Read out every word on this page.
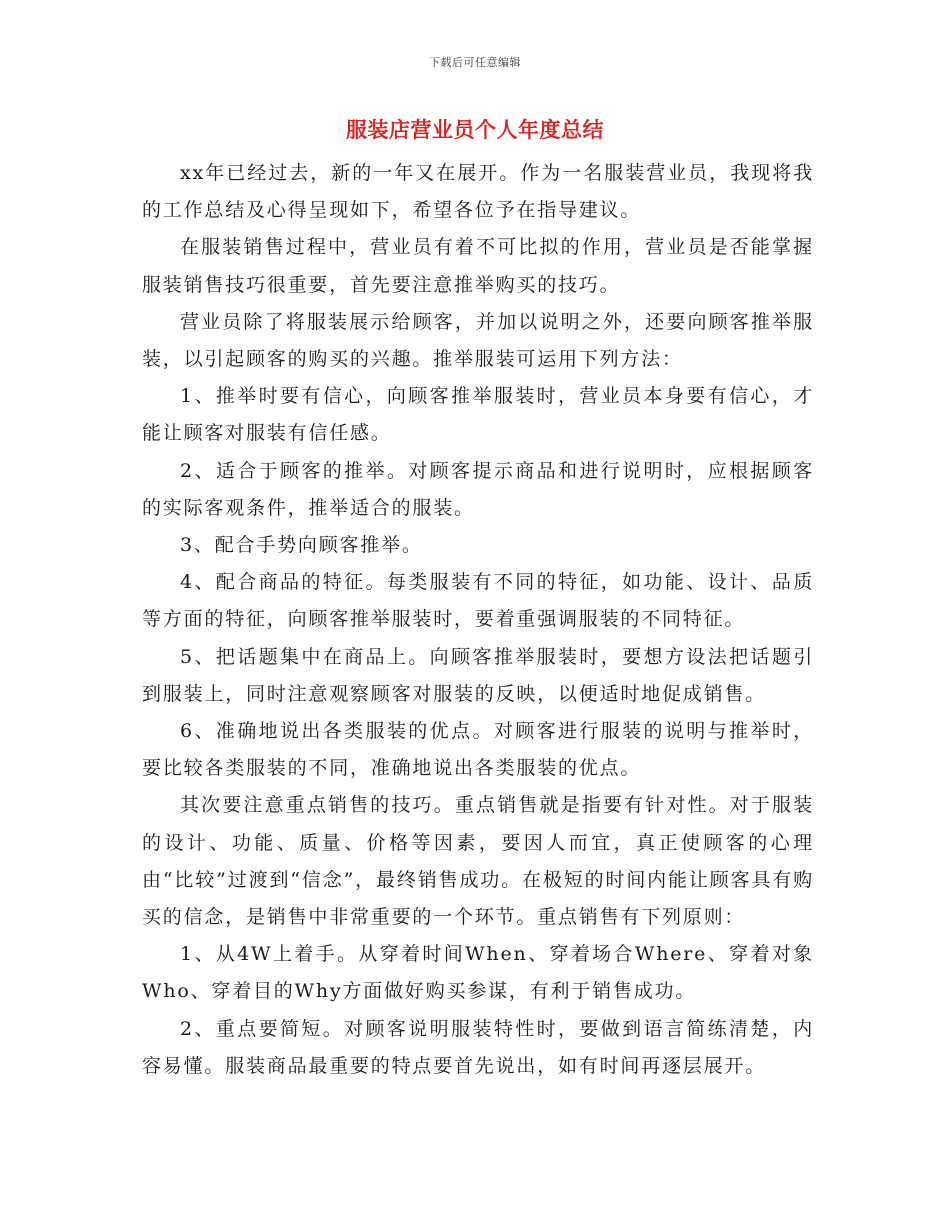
下载后可任意编辑
服装店营业员个人年度总结

xx年已经过去，新的一年又在展开。作为一名服装营业员，我现将我的工作总结及心得呈现如下，希望各位予在指导建议。

在服装销售过程中，营业员有着不可比拟的作用，营业员是否能掌握服装销售技巧很重要，首先要注意推举购买的技巧。

营业员除了将服装展示给顾客，并加以说明之外，还要向顾客推举服装，以引起顾客的购买的兴趣。推举服装可运用下列方法：

1、推举时要有信心，向顾客推举服装时，营业员本身要有信心，才能让顾客对服装有信任感。

2、适合于顾客的推举。对顾客提示商品和进行说明时，应根据顾客的实际客观条件，推举适合的服装。

3、配合手势向顾客推举。

4、配合商品的特征。每类服装有不同的特征，如功能、设计、品质等方面的特征，向顾客推举服装时，要着重强调服装的不同特征。

5、把话题集中在商品上。向顾客推举服装时，要想方设法把话题引到服装上，同时注意观察顾客对服装的反映，以便适时地促成销售。

6、准确地说出各类服装的优点。对顾客进行服装的说明与推举时，要比较各类服装的不同，准确地说出各类服装的优点。

其次要注意重点销售的技巧。重点销售就是指要有针对性。对于服装的设计、功能、质量、价格等因素，要因人而宜，真正使顾客的心理由“比较”过渡到“信念”，最终销售成功。在极短的时间内能让顾客具有购买的信念，是销售中非常重要的一个环节。重点销售有下列原则：

1、从4W上着手。从穿着时间When、穿着场合Where、穿着对象Who、穿着目的Why方面做好购买参谋，有利于销售成功。

2、重点要简短。对顾客说明服装特性时，要做到语言简练清楚，内容易懂。服装商品最重要的特点要首先说出，如有时间再逐层展开。
